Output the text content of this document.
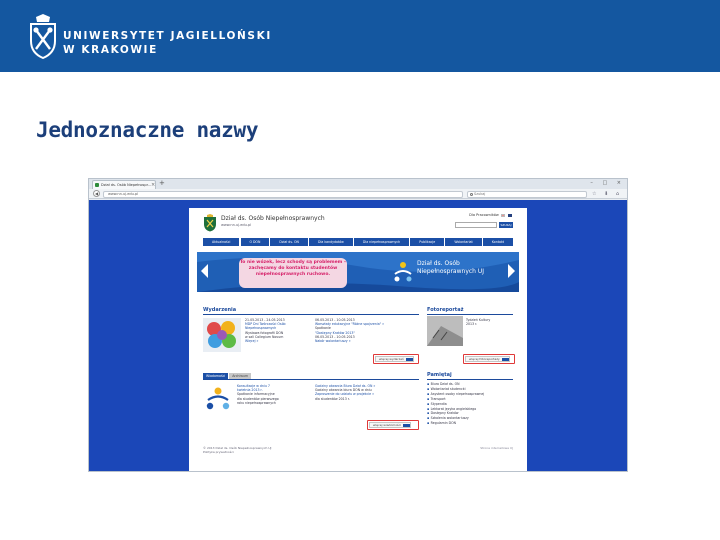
UNIWERSYTET JAGIELLOŃSKI
W KRAKOWIE
Jednoznaczne nazwy
Dział ds. Osób Niepełnospr... × +	– □ ×
◀	www.nn.uj.edu.pl	Szukaj	☆ ⬇ ⌂
Dział ds. Osób Niepełnosprawnych
www.nn.uj.edu.pl
Dla Pracowników
SZUKAJ
Aktualności	O DON	Dział ds. ON	Dla kandydatów	Dla niepełnosprawnych	Publikacje	Wolontariat	Kontakt
To nie wózek, lecz schody są problemem – zachęcamy do kontaktu studentów niepełnosprawnych ruchowo.
Dział ds. Osób
Niepełnosprawnych UJ
Wydarzenia
21.05.2013 - 24.05.2013
MDP Dni Twórczości Osób
Niepełnosprawnych
Wystawa fotografii DON
w sali Collegium Novum
Więcej »
06.05.2013 - 10.05.2013
Warsztaty edukacyjne "Różne spojrzenia" »
Spotkanie
"Dostępny Kraków 2013"
06.05.2013 - 10.05.2013
Nabór wolontariuszy »
więcej wydarzeń
Fotoreportaż
Tydzień Kultury
2013 r.
więcej fotoreportaży
Wiadomości	Archiwum
Konsultacje w dniu 7
kwietnia 2013 r.
Spotkanie informacyjne
dla studentów pierwszego
roku niepełnosprawnych
Godziny otwarcia Biura Dział ds. ON »
Godziny otwarcia biura DON w dniu
Zaproszenie do udziału w projekcie »
dla studentów 2013 r.
więcej wiadomości
Pamiętaj
▪ Biuro Dział ds. ON
▪ Wolontariat studencki
▪ Asystent osoby niepełnosprawnej
▪ Transport
▪ Stypendia
▪ Lektorat języka angielskiego
▪ Dostępny Kraków
▪ Szkolenia wolontariuszy
▪ Regulamin DON
© 2013 Dział ds. Osób Niepełnosprawnych UJ
Polityka prywatności
Strona internetowa UJ
